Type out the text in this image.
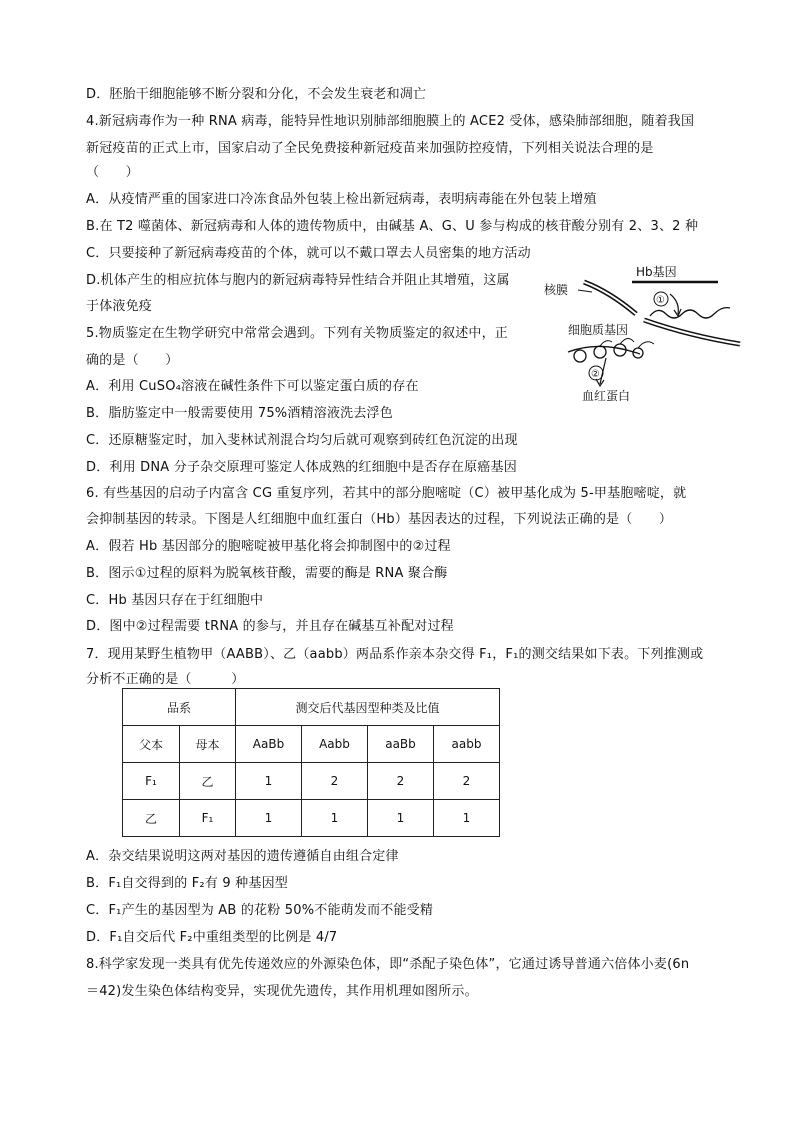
D．胚胎干细胞能够不断分裂和分化，不会发生衰老和凋亡
4.新冠病毒作为一种 RNA 病毒，能特异性地识别肺部细胞膜上的 ACE2 受体，感染肺部细胞，随着我国
新冠疫苗的正式上市，国家启动了全民免费接种新冠疫苗来加强防控疫情，下列相关说法合理的是
（　　）
A．从疫情严重的国家进口冷冻食品外包装上检出新冠病毒，表明病毒能在外包装上增殖
B.在 T2 噬菌体、新冠病毒和人体的遗传物质中，由碱基 A、G、U 参与构成的核苷酸分别有 2、3、2 种
C．只要接种了新冠病毒疫苗的个体，就可以不戴口罩去人员密集的地方活动
D.机体产生的相应抗体与胞内的新冠病毒特异性结合并阻止其增殖，这属
于体液免疫
5.物质鉴定在生物学研究中常常会遇到。下列有关物质鉴定的叙述中，正
确的是（　　）
A．利用 CuSO₄溶液在碱性条件下可以鉴定蛋白质的存在
B．脂肪鉴定中一般需要使用 75%酒精溶液洗去浮色
C．还原糖鉴定时，加入斐林试剂混合均匀后就可观察到砖红色沉淀的出现
D．利用 DNA 分子杂交原理可鉴定人体成熟的红细胞中是否存在原癌基因
6. 有些基因的启动子内富含 CG 重复序列，若其中的部分胞嘧啶（C）被甲基化成为 5-甲基胞嘧啶，就
会抑制基因的转录。下图是人红细胞中血红蛋白（Hb）基因表达的过程，下列说法正确的是（　　）
A．假若 Hb 基因部分的胞嘧啶被甲基化将会抑制图中的②过程
B．图示①过程的原料为脱氧核苷酸，需要的酶是 RNA 聚合酶
C．Hb 基因只存在于红细胞中
D．图中②过程需要 tRNA 的参与，并且存在碱基互补配对过程
7．现用某野生植物甲（AABB）、乙（aabb）两品系作亲本杂交得 F₁，F₁的测交结果如下表。下列推测或
分析不正确的是（　　　）
Hb基因
核膜
①
细胞质基因
②
血红蛋白
品系		测交后代基因型种类及比值			
父本	母本	AaBb	Aabb	aaBb	aabb
F₁	乙	1	2	2	2
乙	F₁	1	1	1	1
A．杂交结果说明这两对基因的遗传遵循自由组合定律
B．F₁自交得到的 F₂有 9 种基因型
C．F₁产生的基因型为 AB 的花粉 50%不能萌发而不能受精
D．F₁自交后代 F₂中重组类型的比例是 4/7
8.科学家发现一类具有优先传递效应的外源染色体，即“杀配子染色体”，它通过诱导普通六倍体小麦(6n
＝42)发生染色体结构变异，实现优先遗传，其作用机理如图所示。
